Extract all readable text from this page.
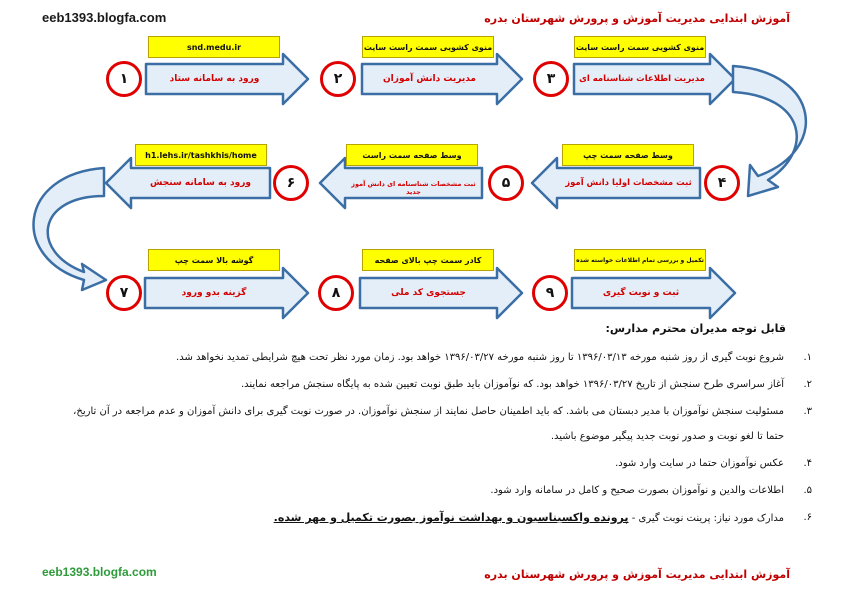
eeb1393.blogfa.com	آموزش ابتدایی مدیریت آموزش و پرورش شهرستان بدره
snd.medu.ir	منوی کشویی سمت راست سایت	منوی کشویی سمت راست سایت
وسط صفحه سمت چپ
وسط صفحه سمت راست
h1.lehs.ir/tashkhis/home
گوشه بالا سمت چپ	کادر سمت چپ بالای صفحه	تکمیل و بررسی تمام اطلاعات خواسته شده
ورود به سامانه ستاد	مدیریت دانش آموزان	مدیریت اطلاعات شناسنامه ای
ثبت مشخصات اولیا دانش آموز
ثبت مشخصات شناسنامه ای دانش آموز جدید
ورود به سامانه سنجش
گزینه بدو ورود	جستجوی کد ملی	ثبت و نوبت گیری
۱	۲	۳
۴
۵
۶
۷	۸	۹
قابل توجه مدیران محترم مدارس:
۱.
شروع نوبت گیری از روز شنبه مورخه ۱۳۹۶/۰۳/۱۳ تا روز شنبه مورخه ۱۳۹۶/۰۳/۲۷ خواهد بود. زمان مورد نظر تحت هیچ شرایطی تمدید نخواهد شد.
۲.
آغاز سراسری طرح سنجش از تاریخ ۱۳۹۶/۰۳/۲۷ خواهد بود. که نوآموزان باید طبق نوبت تعیین شده به پایگاه سنجش مراجعه نمایند.
۳.
مسئولیت سنجش نوآموزان با مدیر دبستان می باشد. که باید اطمینان حاصل نمایند از سنجش نوآموزان. در صورت نوبت گیری برای دانش آموزان و عدم مراجعه در آن تاریخ، حتما تا لغو نوبت و صدور نوبت جدید پیگیر موضوع باشید.
۴.
عکس نوآموزان حتما در سایت وارد شود.
۵.
اطلاعات والدین و نوآموزان بصورت صحیح و کامل در سامانه وارد شود.
۶.
مدارک مورد نیاز: پرینت نوبت گیری - پرونده واکسیناسیون و بهداشت نوآموز بصورت تکمیل و مهر شده.
eeb1393.blogfa.com	آموزش ابتدایی مدیریت آموزش و پرورش شهرستان بدره
